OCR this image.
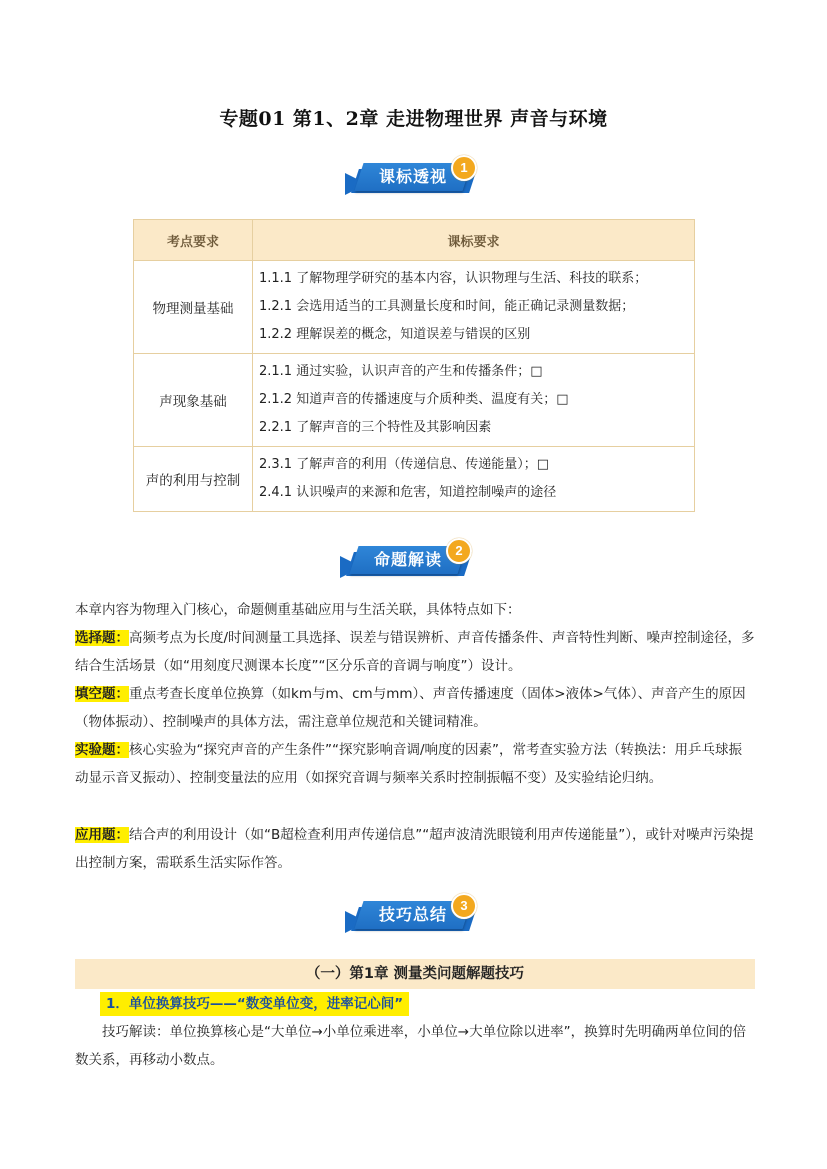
专题01 第1、2章 走进物理世界 声音与环境
课标透视	1
考点要求	课标要求
物理测量基础	1.1.1 了解物理学研究的基本内容，认识物理与生活、科技的联系；
1.2.1 会选用适当的工具测量长度和时间，能正确记录测量数据；
1.2.2 理解误差的概念，知道误差与错误的区别

声现象基础	2.1.1 通过实验，认识声音的产生和传播条件；□
2.1.2 知道声音的传播速度与介质种类、温度有关；□
2.2.1 了解声音的三个特性及其影响因素

声的利用与控制	2.3.1 了解声音的利用（传递信息、传递能量）；□
2.4.1 认识噪声的来源和危害，知道控制噪声的途径
命题解读	2
本章内容为物理入门核心，命题侧重基础应用与生活关联，具体特点如下：
选择题：高频考点为长度/时间测量工具选择、误差与错误辨析、声音传播条件、声音特性判断、噪声控制途径，多结合生活场景（如“用刻度尺测课本长度”“区分乐音的音调与响度”）设计。
填空题：重点考查长度单位换算（如km与m、cm与mm）、声音传播速度（固体>液体>气体）、声音产生的原因（物体振动）、控制噪声的具体方法，需注意单位规范和关键词精准。
实验题：核心实验为“探究声音的产生条件”“探究影响音调/响度的因素”，常考查实验方法（转换法：用乒乓球振动显示音叉振动）、控制变量法的应用（如探究音调与频率关系时控制振幅不变）及实验结论归纳。
应用题：结合声的利用设计（如“B超检查利用声传递信息”“超声波清洗眼镜利用声传递能量”），或针对噪声污染提出控制方案，需联系生活实际作答。
技巧总结	3
（一）第1章 测量类问题解题技巧
1．单位换算技巧——“数变单位变，进率记心间”
技巧解读：单位换算核心是“大单位→小单位乘进率，小单位→大单位除以进率”，换算时先明确两单位间的倍数关系，再移动小数点。
